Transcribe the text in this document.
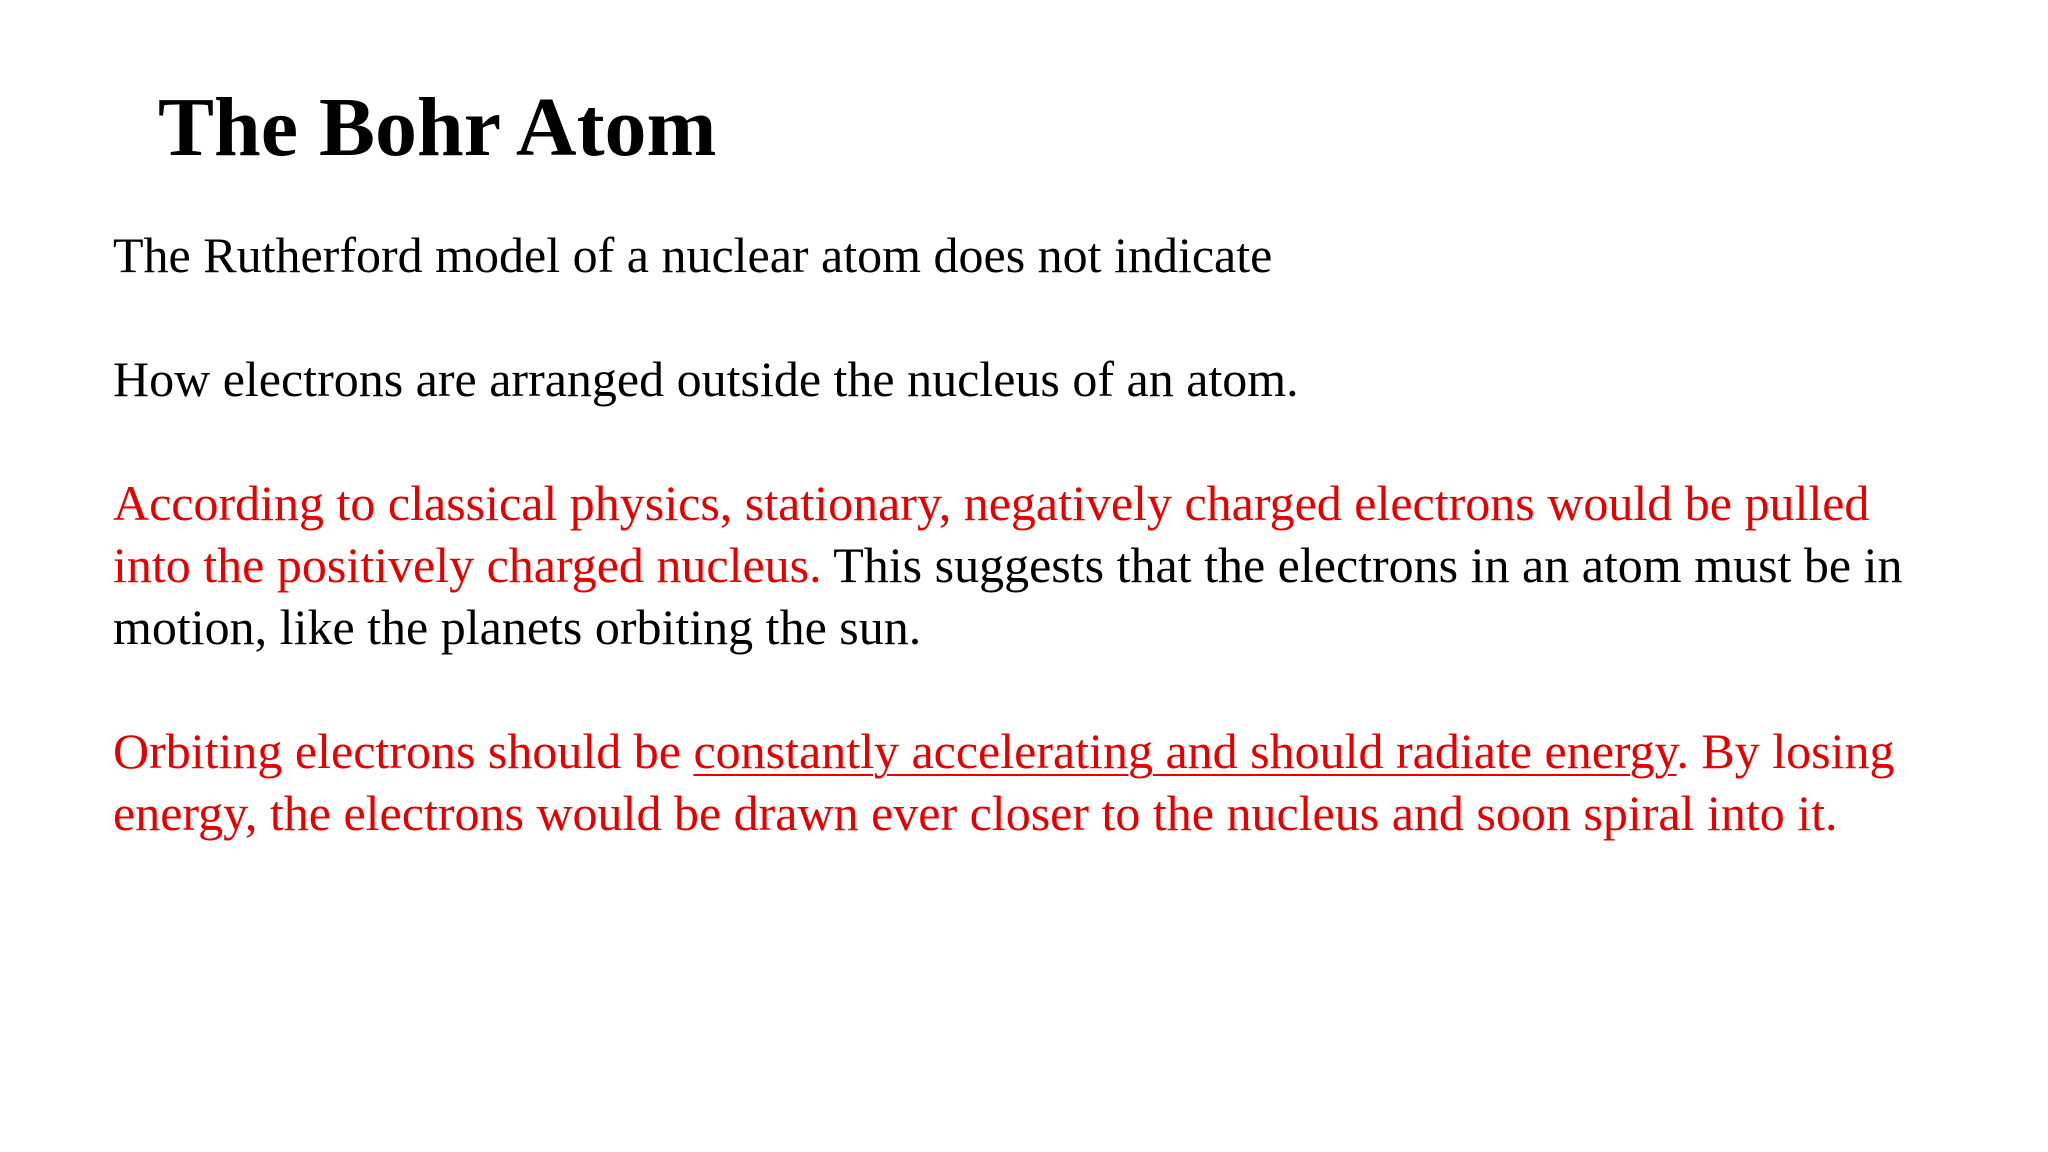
The Bohr Atom

The Rutherford model of a nuclear atom does not indicate

How electrons are arranged outside the nucleus of an atom.

According to classical physics, stationary, negatively charged electrons would be pulled

into the positively charged nucleus. This suggests that the electrons in an atom must be in

motion, like the planets orbiting the sun.

Orbiting electrons should be constantly accelerating and should radiate energy. By losing

energy, the electrons would be drawn ever closer to the nucleus and soon spiral into it.
